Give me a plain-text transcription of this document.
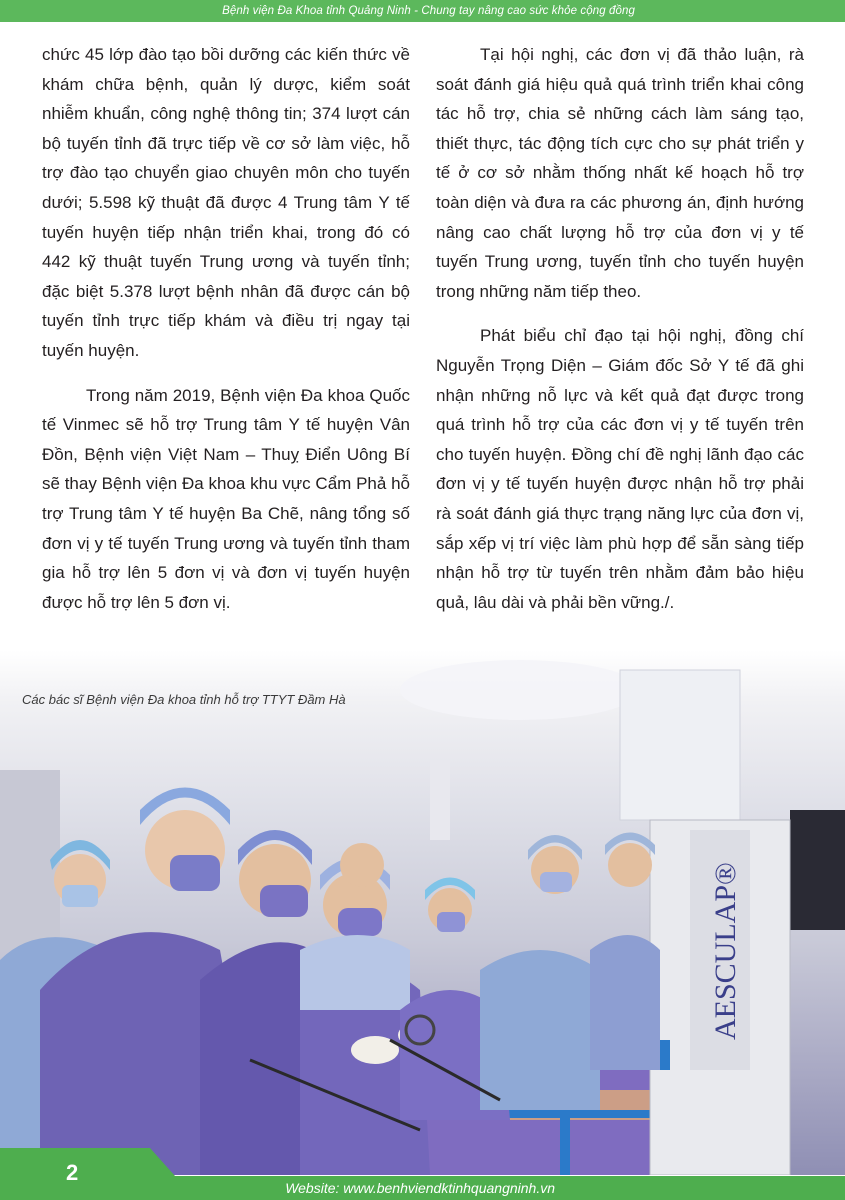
Bệnh viện Đa Khoa tỉnh Quảng Ninh - Chung tay nâng cao sức khỏe cộng đồng

chức 45 lớp đào tạo bồi dưỡng các kiến thức về khám chữa bệnh, quản lý dược, kiểm soát nhiễm khuẩn, công nghệ thông tin; 374 lượt cán bộ tuyến tỉnh đã trực tiếp về cơ sở làm việc, hỗ trợ đào tạo chuyển giao chuyên môn cho tuyến dưới; 5.598 kỹ thuật đã được 4 Trung tâm Y tế tuyến huyện tiếp nhận triển khai, trong đó có 442 kỹ thuật tuyến Trung ương và tuyến tỉnh; đặc biệt 5.378 lượt bệnh nhân đã được cán bộ tuyến tỉnh trực tiếp khám và điều trị ngay tại tuyến huyện.

Trong năm 2019, Bệnh viện Đa khoa Quốc tế Vinmec sẽ hỗ trợ Trung tâm Y tế huyện Vân Đồn, Bệnh viện Việt Nam – Thuỵ Điển Uông Bí sẽ thay Bệnh viện Đa khoa khu vực Cẩm Phả hỗ trợ Trung tâm Y tế huyện Ba Chẽ, nâng tổng số đơn vị y tế tuyến Trung ương và tuyến tỉnh tham gia hỗ trợ lên 5 đơn vị và đơn vị tuyến huyện được hỗ trợ lên 5 đơn vị.

Tại hội nghị, các đơn vị đã thảo luận, rà soát đánh giá hiệu quả quá trình triển khai công tác hỗ trợ, chia sẻ những cách làm sáng tạo, thiết thực, tác động tích cực cho sự phát triển y tế ở cơ sở nhằm thống nhất kế hoạch hỗ trợ toàn diện và đưa ra các phương án, định hướng nâng cao chất lượng hỗ trợ của đơn vị y tế tuyến Trung ương, tuyến tỉnh cho tuyến huyện trong những năm tiếp theo.

Phát biểu chỉ đạo tại hội nghị, đồng chí Nguyễn Trọng Diện – Giám đốc Sở Y tế đã ghi nhận những nỗ lực và kết quả đạt được trong quá trình hỗ trợ của các đơn vị y tế tuyến trên cho tuyến huyện. Đồng chí đề nghị lãnh đạo các đơn vị y tế tuyến huyện được nhận hỗ trợ phải rà soát đánh giá thực trạng năng lực của đơn vị, sắp xếp vị trí việc làm phù hợp để sẵn sàng tiếp nhận hỗ trợ từ tuyến trên nhằm đảm bảo hiệu quả, lâu dài và phải bền vững./.

AESCULAP®
Các bác sĩ Bệnh viện Đa khoa tỉnh hỗ trợ TTYT Đầm Hà
2
Website: www.benhviendktinhquangninh.vn
